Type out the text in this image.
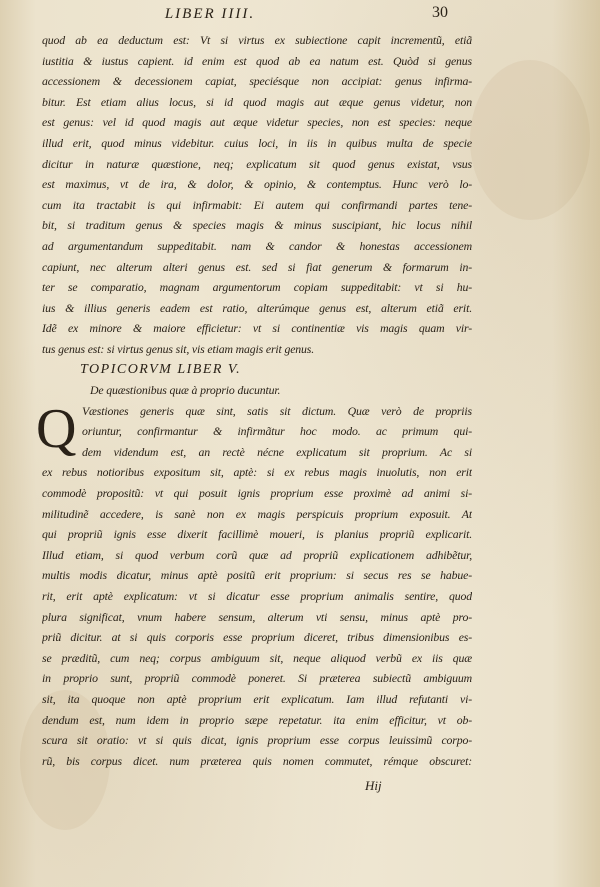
LIBER IIII.	30
quod ab ea deductum est: Vt si virtus ex subiectione capit incrementũ, etiã
iustitia & iustus capient. id enim est quod ab ea natum est. Quòd si genus
accessionem & decessionem capiat, speciésque non accipiat: genus infirma-
bitur. Est etiam alius locus, si id quod magis aut æque genus videtur, non
est genus: vel id quod magis aut æque videtur species, non est species: neque
illud erit, quod minus videbitur. cuius loci, in iis in quibus multa de specie
dicitur in naturæ quæstione, neq; explicatum sit quod genus existat, vsus
est maximus, vt de ira, & dolor, & opinio, & contemptus. Hunc verò lo-
cum ita tractabit is qui infirmabit: Ei autem qui confirmandi partes tene-
bit, si traditum genus & species magis & minus suscipiant, hic locus nihil
ad argumentandum suppeditabit. nam & candor & honestas accessionem
capiunt, nec alterum alteri genus est. sed si fiat generum & formarum in-
ter se comparatio, magnam argumentorum copiam suppeditabit: vt si hu-
ius & illius generis eadem est ratio, alterúmque genus est, alterum etiã erit.
Idẽ ex minore & maiore efficietur: vt si continentiæ vis magis quam vir-
tus genus est: si virtus genus sit, vis etiam magis erit genus.
TOPICORVM LIBER V.
De quæstionibus quæ à proprio ducuntur.
Q Væstiones generis quæ sint, satis sit dictum. Quæ verò de propriis
oriuntur, confirmantur & infirmãtur hoc modo. ac primum qui-
dem videndum est, an rectè nécne explicatum sit proprium. Ac si
ex rebus notioribus expositum sit, aptè: si ex rebus magis inuolutis, non erit
commodè propositũ: vt qui posuit ignis proprium esse proximè ad animi si-
militudinẽ accedere, is sanè non ex magis perspicuis proprium exposuit. At
qui propriũ ignis esse dixerit facillimè moueri, is planius propriũ explicarit.
Illud etiam, si quod verbum corũ quæ ad propriũ explicationem adhibẽtur,
multis modis dicatur, minus aptè positũ erit proprium: si secus res se habue-
rit, erit aptè explicatum: vt si dicatur esse proprium animalis sentire, quod
plura significat, vnum habere sensum, alterum vti sensu, minus aptè pro-
priũ dicitur. at si quis corporis esse proprium diceret, tribus dimensionibus es-
se præditũ, cum neq; corpus ambiguum sit, neque aliquod verbũ ex iis quæ
in proprio sunt, propriũ commodè poneret. Si præterea subiectũ ambiguum
sit, ita quoque non aptè proprium erit explicatum. Iam illud refutanti vi-
dendum est, num idem in proprio sæpe repetatur. ita enim efficitur, vt ob-
scura sit oratio: vt si quis dicat, ignis proprium esse corpus leuissimũ corpo-
rũ, bis corpus dicet. num præterea quis nomen commutet, rémque obscuret:
Hij
